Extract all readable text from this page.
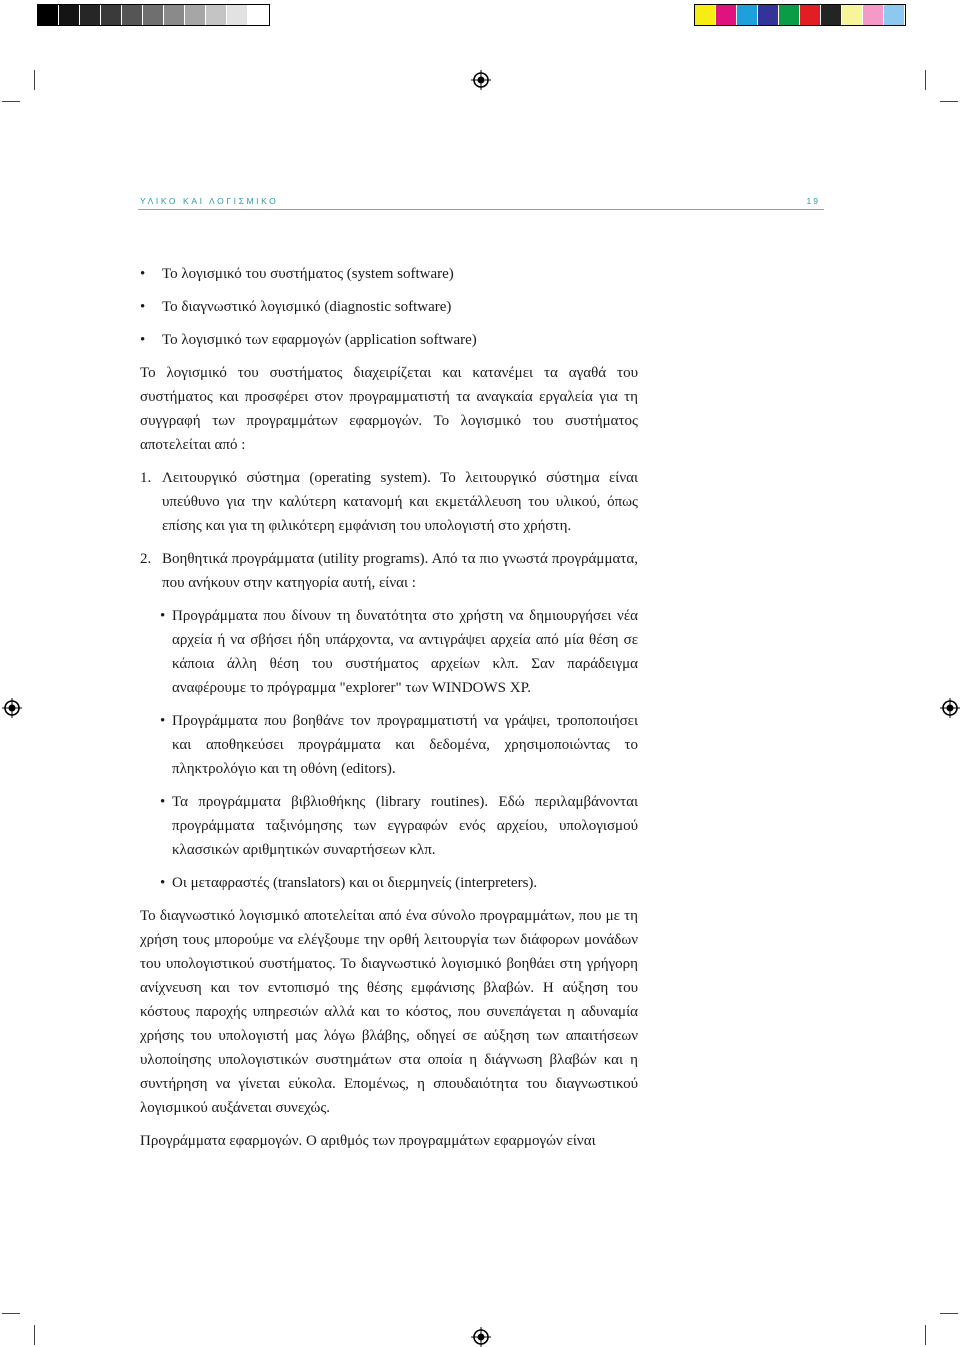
ΥΛΙΚΟ ΚΑΙ ΛΟΓΙΣΜΙΚΟ	19
• Το λογισμικό του συστήματος (system software)
• Το διαγνωστικό λογισμικό (diagnostic software)
• Το λογισμικό των εφαρμογών (application software)

Το λογισμικό του συστήματος διαχειρίζεται και κατανέμει τα αγαθά του συστήματος και προσφέρει στον προγραμματιστή τα αναγκαία εργαλεία για τη συγγραφή των προγραμμάτων εφαρμογών. Το λογισμικό του συστήματος αποτελείται από :

1. Λειτουργικό σύστημα (operating system). Το λειτουργικό σύστημα είναι υπεύθυνο για την καλύτερη κατανομή και εκμετάλλευση του υλικού, όπως επίσης και για τη φιλικότερη εμφάνιση του υπολογιστή στο χρήστη.
2. Βοηθητικά προγράμματα (utility programs). Από τα πιο γνωστά προγράμματα, που ανήκουν στην κατηγορία αυτή, είναι :
• Προγράμματα που δίνουν τη δυνατότητα στο χρήστη να δημιουργήσει νέα αρχεία ή να σβήσει ήδη υπάρχοντα, να αντιγράψει αρχεία από μία θέση σε κάποια άλλη θέση του συστήματος αρχείων κλπ. Σαν παράδειγμα αναφέρουμε το πρόγραμμα "explorer" των WINDOWS XP.
• Προγράμματα που βοηθάνε τον προγραμματιστή να γράψει, τροποποιήσει και αποθηκεύσει προγράμματα και δεδομένα, χρησιμοποιώντας το πληκτρολόγιο και τη οθόνη (editors).
• Τα προγράμματα βιβλιοθήκης (library routines). Εδώ περιλαμβάνονται προγράμματα ταξινόμησης των εγγραφών ενός αρχείου, υπολογισμού κλασσικών αριθμητικών συναρτήσεων κλπ.
• Οι μεταφραστές (translators) και οι διερμηνείς (interpreters).

Το διαγνωστικό λογισμικό αποτελείται από ένα σύνολο προγραμμάτων, που με τη χρήση τους μπορούμε να ελέγξουμε την ορθή λειτουργία των διάφορων μονάδων του υπολογιστικού συστήματος. Το διαγνωστικό λογισμικό βοηθάει στη γρήγορη ανίχνευση και τον εντοπισμό της θέσης εμφάνισης βλαβών. Η αύξηση του κόστους παροχής υπηρεσιών αλλά και το κόστος, που συνεπάγεται η αδυναμία χρήσης του υπολογιστή μας λόγω βλάβης, οδηγεί σε αύξηση των απαιτήσεων υλοποίησης υπολογιστικών συστημάτων στα οποία η διάγνωση βλαβών και η συντήρηση να γίνεται εύκολα. Επομένως, η σπουδαιότητα του διαγνωστικού λογισμικού αυξάνεται συνεχώς.

Προγράμματα εφαρμογών. Ο αριθμός των προγραμμάτων εφαρμογών είναι
